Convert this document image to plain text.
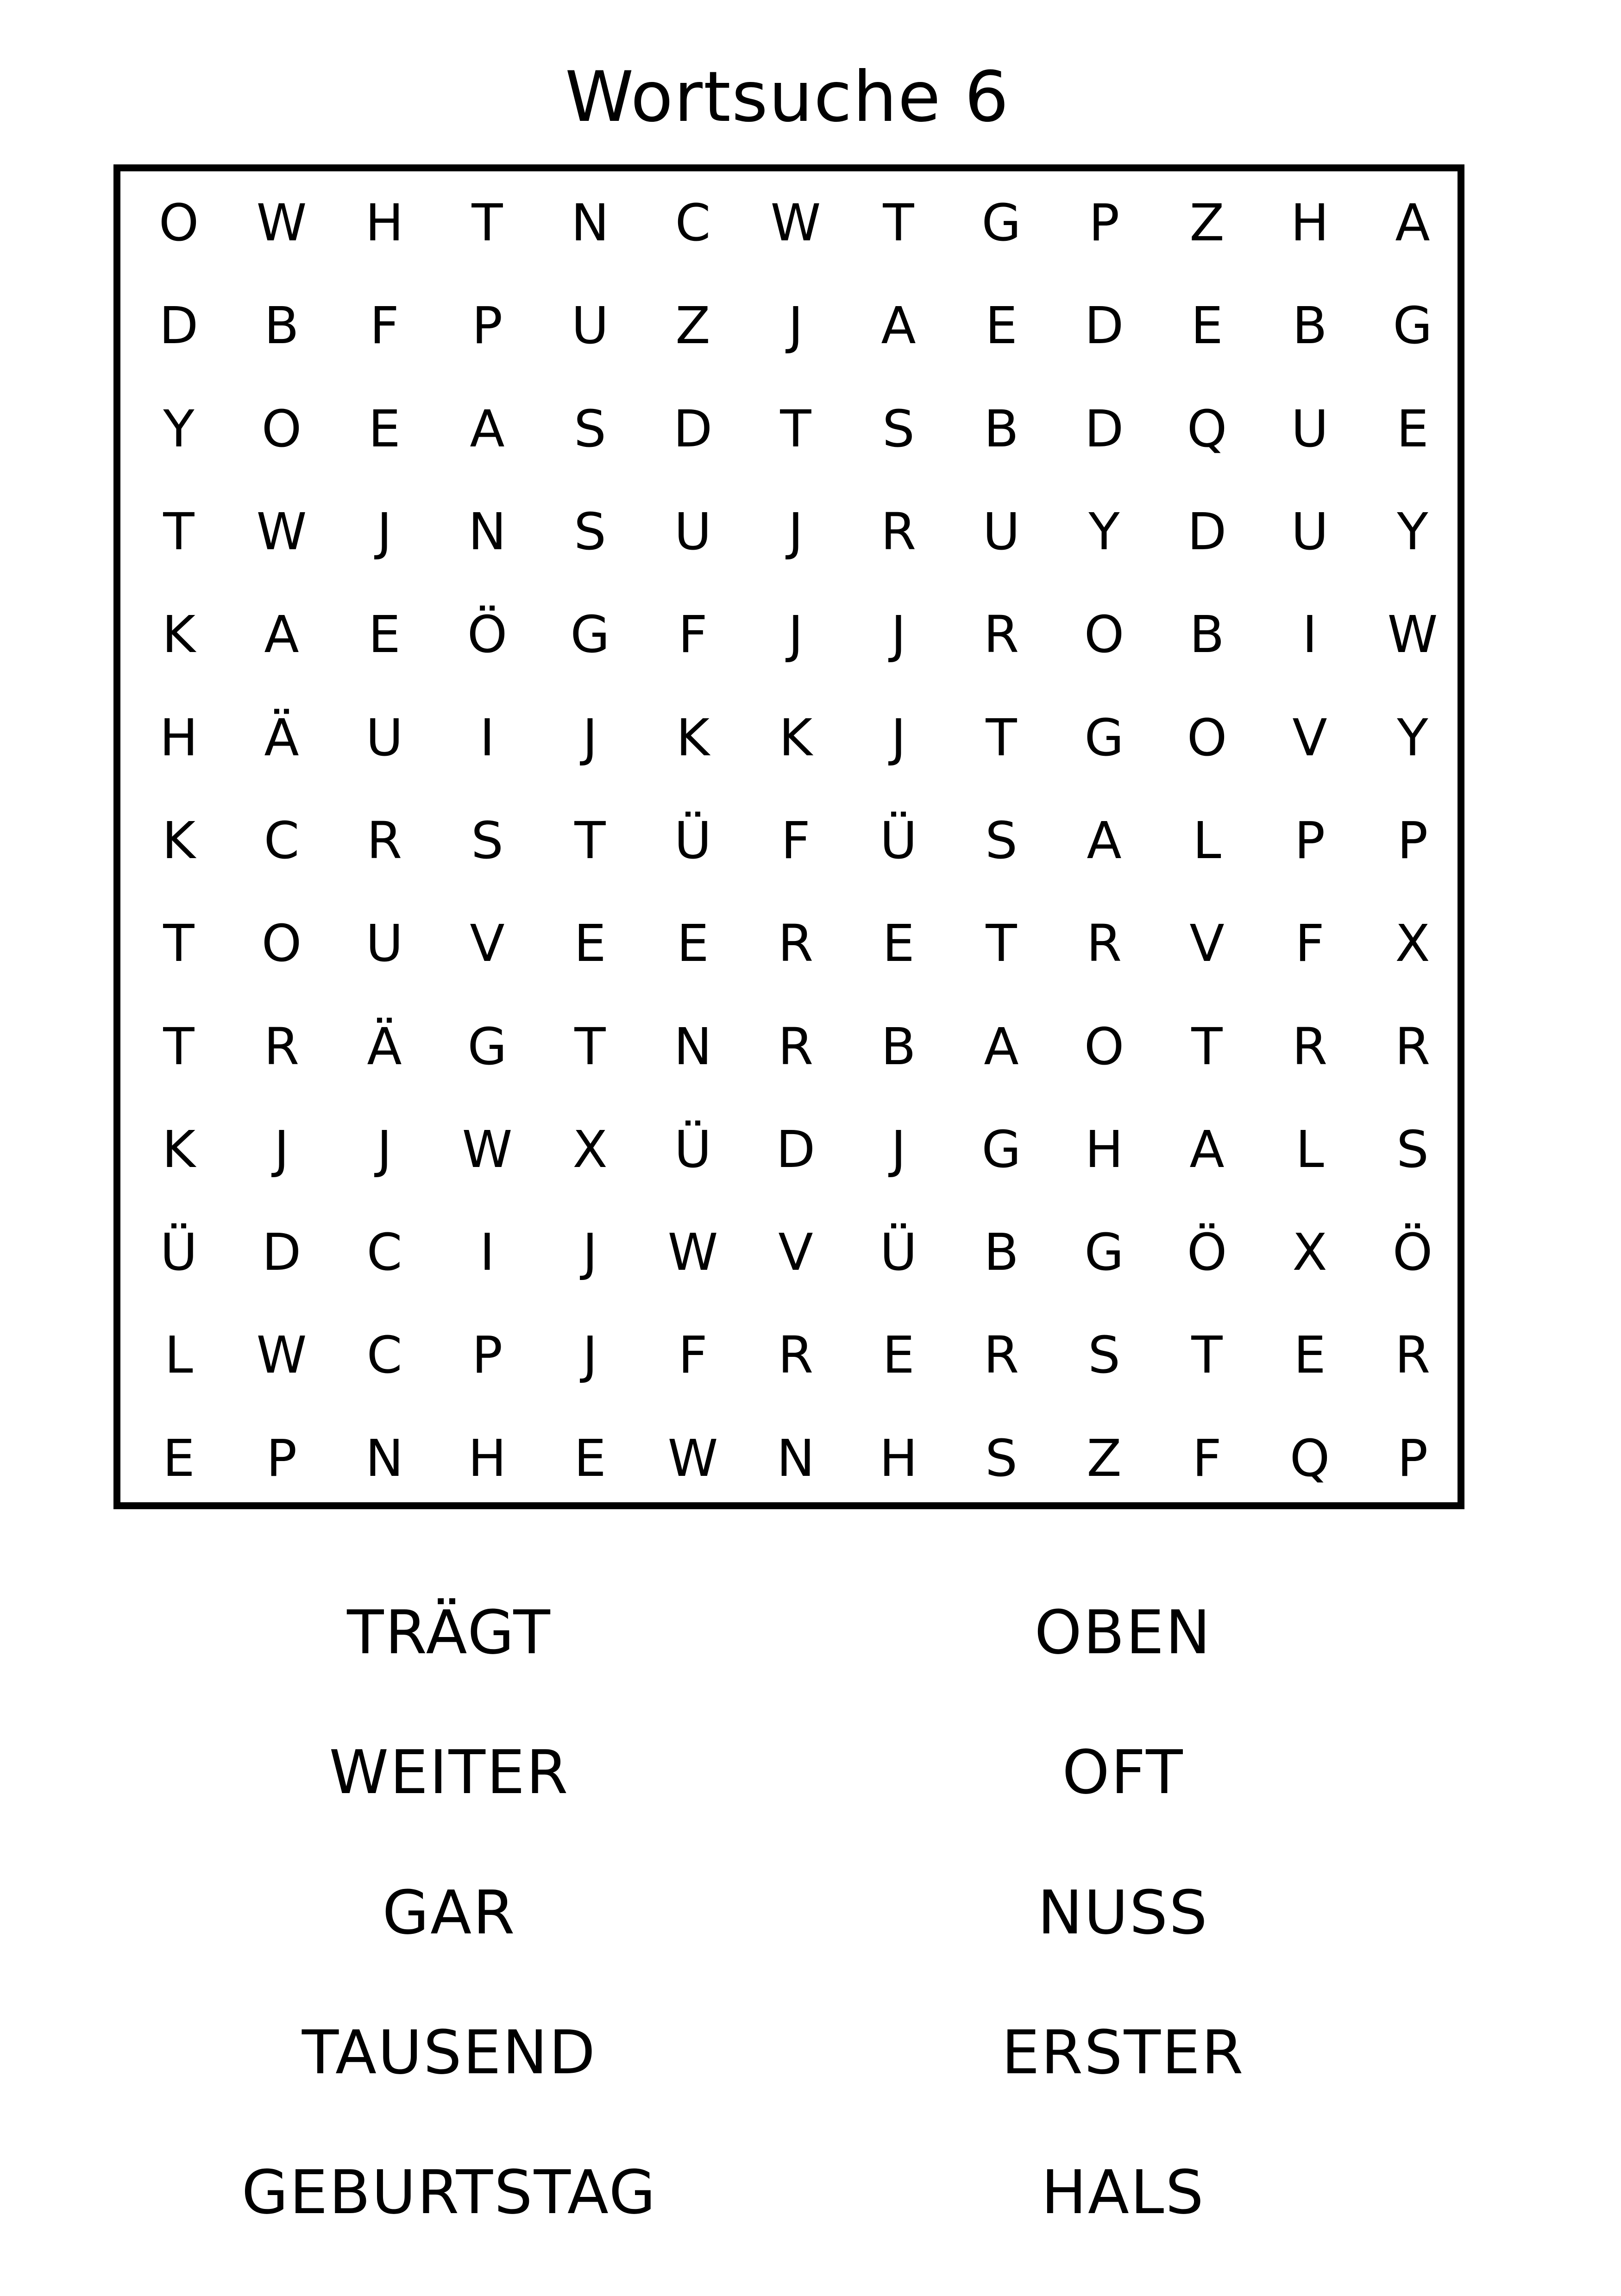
Wortsuche 6
O	W	H	T	N	C	W	T	G	P	Z	H	A
D	B	F	P	U	Z	J	A	E	D	E	B	G
Y	O	E	A	S	D	T	S	B	D	Q	U	E
T	W	J	N	S	U	J	R	U	Y	D	U	Y
K	A	E	Ö	G	F	J	J	R	O	B	I	W
H	Ä	U	I	J	K	K	J	T	G	O	V	Y
K	C	R	S	T	Ü	F	Ü	S	A	L	P	P
T	O	U	V	E	E	R	E	T	R	V	F	X
T	R	Ä	G	T	N	R	B	A	O	T	R	R
K	J	J	W	X	Ü	D	J	G	H	A	L	S
Ü	D	C	I	J	W	V	Ü	B	G	Ö	X	Ö
L	W	C	P	J	F	R	E	R	S	T	E	R
E	P	N	H	E	W	N	H	S	Z	F	Q	P
TRÄGT
WEITER
GAR
TAUSEND
GEBURTSTAG
OBEN
OFT
NUSS
ERSTER
HALS
